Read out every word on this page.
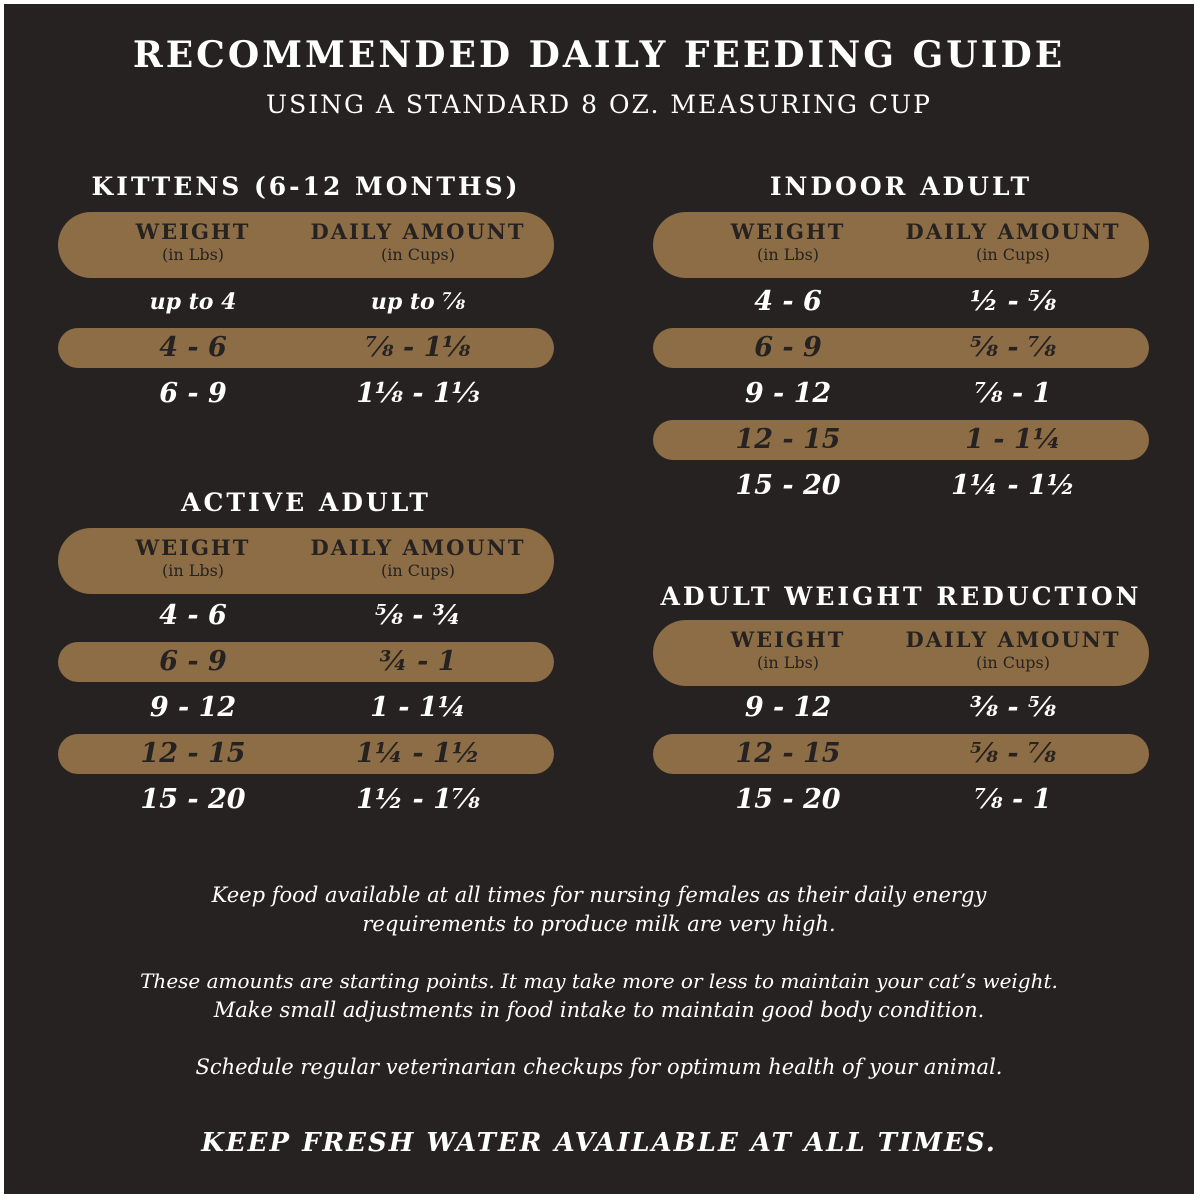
RECOMMENDED DAILY FEEDING GUIDE
USING A STANDARD 8 OZ. MEASURING CUP
KITTENS (6-12 MONTHS)
WEIGHT
(in Lbs)
DAILY AMOUNT
(in Cups)
up to 4	up to ⅞
4 - 6	⅞ - 1⅛
6 - 9	1⅛ - 1⅓
INDOOR ADULT
WEIGHT
(in Lbs)
DAILY AMOUNT
(in Cups)
4 - 6	½ - ⅝
6 - 9	⅝ - ⅞
9 - 12	⅞ - 1
12 - 15	1 - 1¼
15 - 20	1¼ - 1½
ACTIVE ADULT
WEIGHT
(in Lbs)
DAILY AMOUNT
(in Cups)
4 - 6	⅝ - ¾
6 - 9	¾ - 1
9 - 12	1 - 1¼
12 - 15	1¼ - 1½
15 - 20	1½ - 1⅞
ADULT WEIGHT REDUCTION
WEIGHT
(in Lbs)
DAILY AMOUNT
(in Cups)
9 - 12	⅜ - ⅝
12 - 15	⅝ - ⅞
15 - 20	⅞ - 1
Keep food available at all times for nursing females as their daily energy
requirements to produce milk are very high.
These amounts are starting points. It may take more or less to maintain your cat’s weight.
Make small adjustments in food intake to maintain good body condition.
Schedule regular veterinarian checkups for optimum health of your animal.
KEEP FRESH WATER AVAILABLE AT ALL TIMES.
